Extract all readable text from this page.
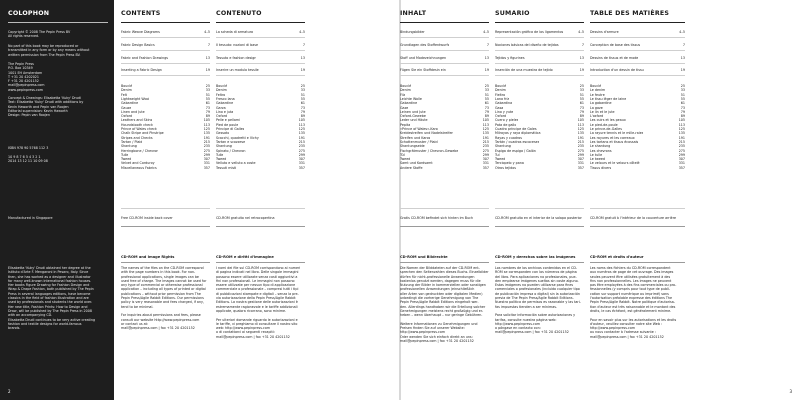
COLOPHON
Copyright © 2008 The Pepin Press BV
All rights reserved.
No part of this book may be reproduced or
transmitted in any form or by any means without
written permission from The Pepin Press BV.
The Pepin Press
P.O. Box 10349
1001 EH Amsterdam
T +31 20 4202021
F +31 20 4201152
mail@pepinpress.com
www.pepinpress.com
Concept & Drawings: Elisabetta 'Kuky' Drudi
Text: Elisabetta 'Kuky' Drudi with additions by
Kevin Haworth and Pepin van Roojen
Editorial supervision: Kevin Haworth
Design: Pepin van Roojen
ISBN 978 90 5768 112 3
10 9 8 7 6 5 4 3 2 1
2014 13 12 11 10 09 08
Manufactured in Singapore
Elisabetta 'Kuky' Drudi obtained her degree at the
Istituto d'Arte F. Mengaroni in Pesaro, Italy. Since
then, she has worked as a designer and illustrator
for many well-known international fashion houses.
Her books Figure Drawing for Fashion Design and
Wrap & Drape Fashion, both published by The Pepin
Press in several languages editions, have become
classics in the field of fashion illustration and are
used by professionals and students the world over.
Her new title, Fashion Prints: How to Design and
Draw, will be published by The Pepin Press in 2008
with an accompanying CD.
Elisabetta Drudi continues to be very active creating
fashion and textile designs for world-famous
brands.
2
CONTENTS
Fabric Weave Diagrams	4–5
Fabric Design Basics	7
Fabric and Fashion Drawings	13
Inserting a Fabric Design	19
Bouclé	25
Denim	33
Felt	51
Lightweight Wool	55
Gabardine	61
Gauze	73
Linen and Jute	79
Oxford	89
Leathers and Skins	105
Houndstooth check	113
Prince of Wales check	125
Chalk Stripe and Pinstripe	135
Stripes and Checks	191
Tartan / Plaid	215
Shantung	235
Herringbone / Chevron	275
Tulle	299
Tweed	307
Velvet and Corduroy	331
Miscellaneous Fabrics	357
Free CD-ROM inside back cover
CD-ROM and Image Rights
The names of the files on the CD-ROM correspond
with the page numbers in this book. For non-
professional applications, single images can be
used free of charge. The images cannot be used for
any type of commercial or otherwise professional
application – including all types of printed or digital
publications – without prior permission from The
Pepin Press/Agile Rabbit Editions. Our permissions
policy is very reasonable and fees charged, if any,
tend to be minimal.
For inquiries about permissions and fees, please
consult our website http://www.pepinpress.com
or contact us at:
mail@pepinpress.com | fax +31 20 4201152
CONTENUTO
La scheda di armatura	4–5
Il tessuto: nozioni di base	7
Tessuto e fashion design	13
Inserire un modulo tessile	19
Bouclé	25
Denim	33
Feltro	51
Fresco lana	55
Gabardine	61
Garza	73
Lino e juta	79
Oxford	89
Pelle e pellami	105
Pied de poule	113
Principe di Galles	125
Gessato	135
Scacchi, quadretti e Vichy	191
Tartan e scozzese	215
Shantung	235
Spinato / Chevron	275
Tulle	299
Tweed	307
Velluto e velluto a coste	331
Tessuti misti	357
CD-ROM gratuito nel retrocopertina
CD-ROM e diritti d'immagine
I nomi dei file sul CD-ROM corrispondono ai numeri
di pagina indicati nel libro. Delle singole immagini
possono essere utilizzate senza costi aggiuntivi a
fini non professionali. Le immagini non possono
essere utilizzate per nessun tipo di applicazione
commerciale o professionale – compresi tutti i tipi
di pubblicazioni stampate e digitali – senza la pre-
via autorizzazione della Pepin Press/Agile Rabbit
Editions. La nostra gestione delle autorizzazioni è
estremamente ragionevole e le tariffe addizionali
applicate, qualora ricorrano, sono minime.
Per ulteriori domande riguardo le autorizzazioni e
le tariffe, vi preghiamo di consultare il nostro sito
web: http://www.pepinpress.com
o di contattarci ai seguenti recapiti:
mail@pepinpress.com | fax +31 20 4201152
INHALT
Bindungsbilder	4–5
Grundlagen des Stoffentwurfs	7
Stoff und Modezeichnungen	13
Fügen Sie ein Stoffdesin ein	19
Bouclé	25
Denim	33
Filz	51
Leichte Wolle	55
Gabardine	61
Gaze	73
Leinen und Jute	79
Oxford-Gewebe	89
Leder und Häute	105
Pepita	113
»Prince of Wales«-Karo	125
Kreidestreifen und Nadelstreifen	135
Streifen und Karos	191
Schottenmuster / Plaid	215
Shantungseide	235
Fischgrätmuster / Chevron-Gewebe	275
Tüll	299
Tweed	307
Samt und Kordsamt	331
Andere Stoffe	357
Gratis CD-ROM befindet sich hinten im Buch
CD-ROM und Bildrechte
Die Namen der Bilddateien auf der CD-ROM ent-
sprechen den Seitenzahlen dieses Buchs. Einzelbilder
dürfen für nicht-professionelle Anwendungen
kostenlos genutzt werden, dagegen muss für die
Nutzung der Bilder in kommerziellen oder sonstigen
professionellen Anwendungen (einschließlich
aller Arten von gedruckten oder digitalen Medien)
unbedingt die vorherige Genehmigung von The
Pepin Press/Agile Rabbit Editions eingeholt wer-
den. Allerdings handhaben wir die Erteilung solcher
Genehmigungen meistens recht großzügig und er-
heben – wenn überhaupt – nur geringe Gebühren.
Weitere Informationen zu Genehmigungen und
Preisen finden Sie auf unserer Website:
http://www.pepinpress.com
Oder wenden Sie sich einfach direkt an uns:
mail@pepinpress.com | fax +31 20 4201152
SUMARIO
Representación gráfica de los ligamentos	4–5
Nociones básicas del diseño de tejidos	7
Tejidos y figurines	13
Inserción de una muestra de tejido	19
Bouclé	25
Denim	33
Fieltro	51
Lana fría	55
Gabardina	61
Gasa	73
Lino y yute	79
Oxford	89
Cuero y pieles	105
Pata de gallo	113
Cuadro príncipe de Gales	125
Milrayas y raya diplomática	135
Rayas y cuadros	191
Tartán / cuadros escoceses	215
Shantung	235
Espiga de espiga / Galón	275
Tul	299
Tweed	307
Terciopelo y pana	331
Otros tejidos	357
CD-ROM gratuito en el interior de la solapa posterior
CD-ROM y derechos sobre las imágenes
Los nombres de los archivos contenidos en el CD-
ROM se corresponden con los números de página
del libro. Para aplicaciones no profesionales, pue-
den emplearse imágenes sueltas sin coste alguno.
Estas imágenes no pueden utilizarse para fines
comerciales o profesionales (incluido cualquier tipo
de publicación impresa o digital) sin la autorización
previa de The Pepin Press/Agile Rabbit Editions.
Nuestra política de permisos es razonable y las tari-
fas impuestas tienden a ser mínimas.
Para solicitar información sobre autorizaciones y
tarifas, consulte nuestra página web:
http://www.pepinpress.com
o póngase en contacto con:
mail@pepinpress.com | fax +31 20 4201152
TABLE DES MATIÈRES
Dessins d'armure	4–5
Conception de base des tissus	7
Dessins de tissus et de mode	13
Introduction d'un dessin de tissu	19
Bouclé	25
Le denim	33
Le feutre	51
Le tissu léger de laine	55
La gabardine	61
La gaze	73
Le lin et le jute	79
L'oxford	89
Les cuirs et les peaux	105
Le pied-de-poule	113
Le prince-de-Galles	125
La rayure tennis et le mille-raies	135
Les rayures et les carreaux	191
Les tartans et tissus écossais	215
Le shantung	235
Les chevrons	275
Le tulle	299
Le tweed	307
Le velours et le velours côtelé	331
Tissus divers	357
CD-ROM gratuit à l'intérieur de la couverture arrière
CD-ROM et droits d'auteur
Les noms des fichiers du CD-ROM correspondent
aux numéros de page de cet ouvrage. Des images
seules peuvent être utilisées gratuitement à des
fins non professionnelles. Les images ne peuvent
pas être employées à des fins commerciales ou pro-
fessionnelles (y compris pour tout type de publi-
cation sur support numérique ou imprimé) sans
l'autorisation préalable expresse des éditions The
Pepin Press/Agile Rabbit. Notre politique d'autorisa-
tion d'auteur est très raisonnable et le montant des
droits, le cas échéant, est généralement minime.
Pour en savoir plus sur les autorisations et les droits
d'auteur, veuillez consulter notre site Web :
http://www.pepinpress.com
ou nous contacter à l'adresse suivante :
mail@pepinpress.com | fax +31 20 4201152
3
